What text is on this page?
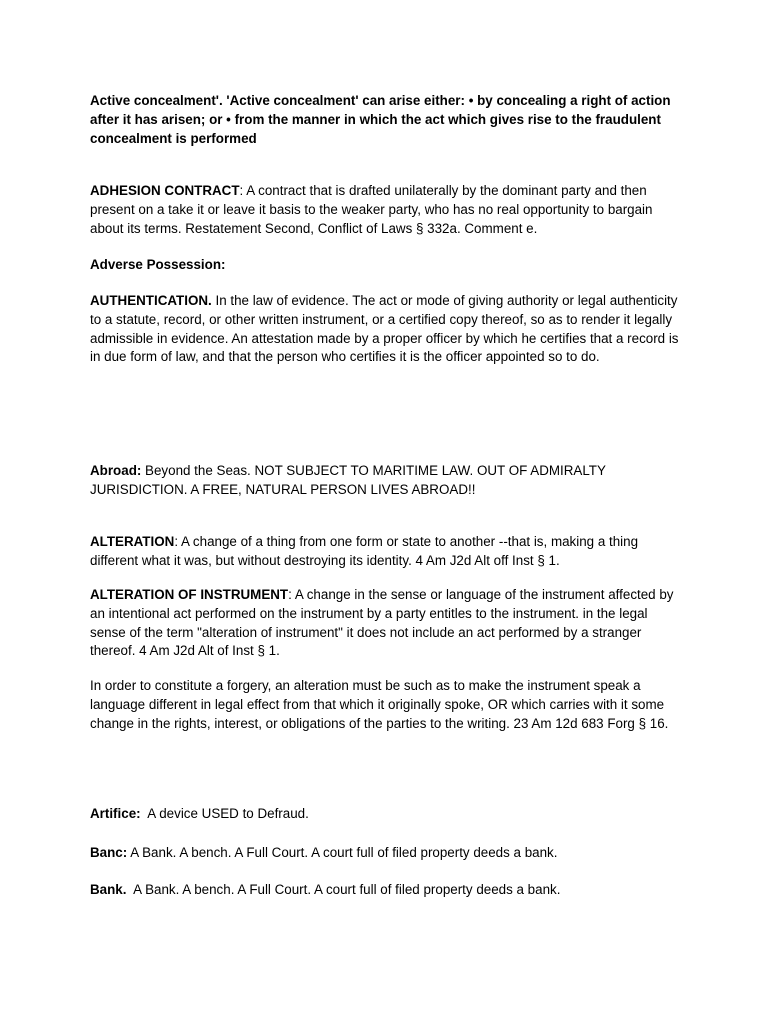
Active concealment'. 'Active concealment' can arise either: • by concealing a right of action after it has arisen; or • from the manner in which the act which gives rise to the fraudulent concealment is performed

ADHESION CONTRACT: A contract that is drafted unilaterally by the dominant party and then present on a take it or leave it basis to the weaker party, who has no real opportunity to bargain about its terms. Restatement Second, Conflict of Laws § 332a. Comment e.

Adverse Possession:

AUTHENTICATION. In the law of evidence. The act or mode of giving authority or legal authenticity to a statute, record, or other written instrument, or a certified copy thereof, so as to render it legally admissible in evidence. An attestation made by a proper officer by which he certifies that a record is in due form of law, and that the person who certifies it is the officer appointed so to do.

Abroad: Beyond the Seas. NOT SUBJECT TO MARITIME LAW. OUT OF ADMIRALTY JURISDICTION. A FREE, NATURAL PERSON LIVES ABROAD!!

ALTERATION: A change of a thing from one form or state to another --that is, making a thing different what it was, but without destroying its identity. 4 Am J2d Alt off Inst § 1.

ALTERATION OF INSTRUMENT: A change in the sense or language of the instrument affected by an intentional act performed on the instrument by a party entitles to the instrument. in the legal sense of the term "alteration of instrument" it does not include an act performed by a stranger thereof. 4 Am J2d Alt of Inst § 1.

In order to constitute a forgery, an alteration must be such as to make the instrument speak a language different in legal effect from that which it originally spoke, OR which carries with it some change in the rights, interest, or obligations of the parties to the writing. 23 Am 12d 683 Forg § 16.

Artifice:  A device USED to Defraud.

Banc: A Bank. A bench. A Full Court. A court full of filed property deeds a bank.

Bank.  A Bank. A bench. A Full Court. A court full of filed property deeds a bank.
